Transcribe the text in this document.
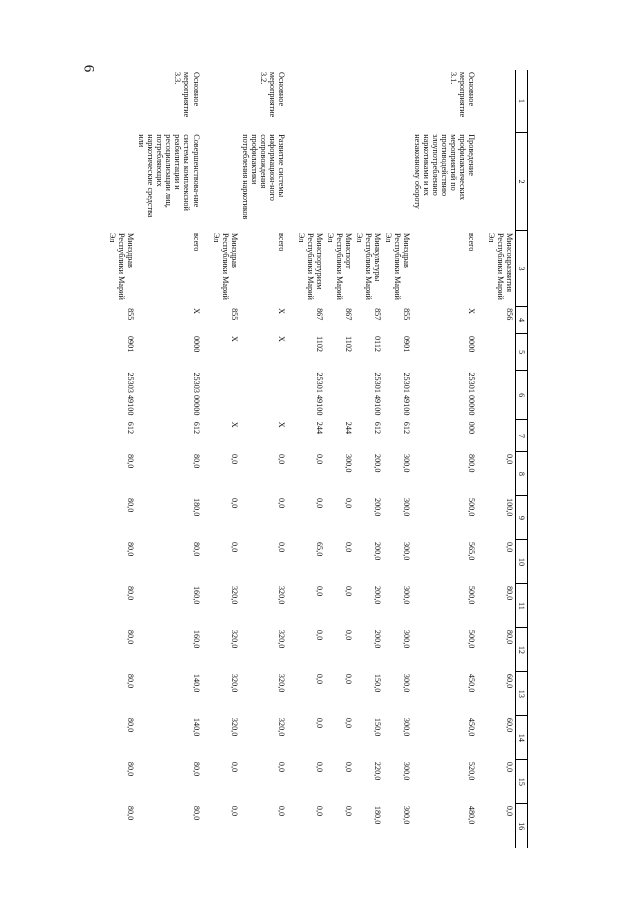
6
1	2	3	4	5	6	7	8	9	10	11	12	13	14	15	16
		Минсоцразвития Республики Марий Эл	856				0,0	100,0	0,0	80,0	80,0	60,0	60,0	0,0	0,0
Основное мероприятие 3.1.	Проведение профилактических мероприятий по противодействию злоупотреблению наркотиками и их незаконному обороту	всего	X	0000	25301 00000	000	800,0	500,0	565,0	500,0	500,0	450,0	450,0	520,0	480,0
		Минздрав Республики Марий Эл	855	0901	25301 49100	612	300,0	300,0	300,0	300,0	300,0	300,0	300,0	300,0	300,0
		Минкультуры Республики Марий Эл	857	0112	25301 49100	612	200,0	200,0	200,0	200,0	200,0	150,0	150,0	220,0	180,0
		Минспорт Республики Марий Эл	867	1102		244	300,0	0,0	0,0	0,0	0,0	0,0	0,0	0,0	0,0
		Минспортуризм Республики Марий Эл	867	1102	25301 49100	244	0,0	0,0	65,0	0,0	0,0	0,0	0,0	0,0	0,0
Основное мероприятие 3.2.	Развитие системы информацион-ного сопровождения профилактики потребления наркотиков	всего	X	X		X	0,0	0,0	0,0	320,0	320,0	320,0	320,0	0,0	0,0
		Минздрав Республики Марий Эл	855	X		X	0,0	0,0	0,0	320,0	320,0	320,0	320,0	0,0	0,0
Основное мероприятие 3.3.	Совершенствова-ние системы комплексной реабилитации и ресоциализации лиц, потребляющих наркотические средства или	всего	X	0000	25303 00000	612	80,0	180,0	80,0	160,0	160,0	140,0	140,0	80,0	80,0
		Минздрав Республики Марий Эл	855	0901	25303 49100	612	80,0	80,0	80,0	80,0	80,0	80,0	80,0	80,0	80,0
